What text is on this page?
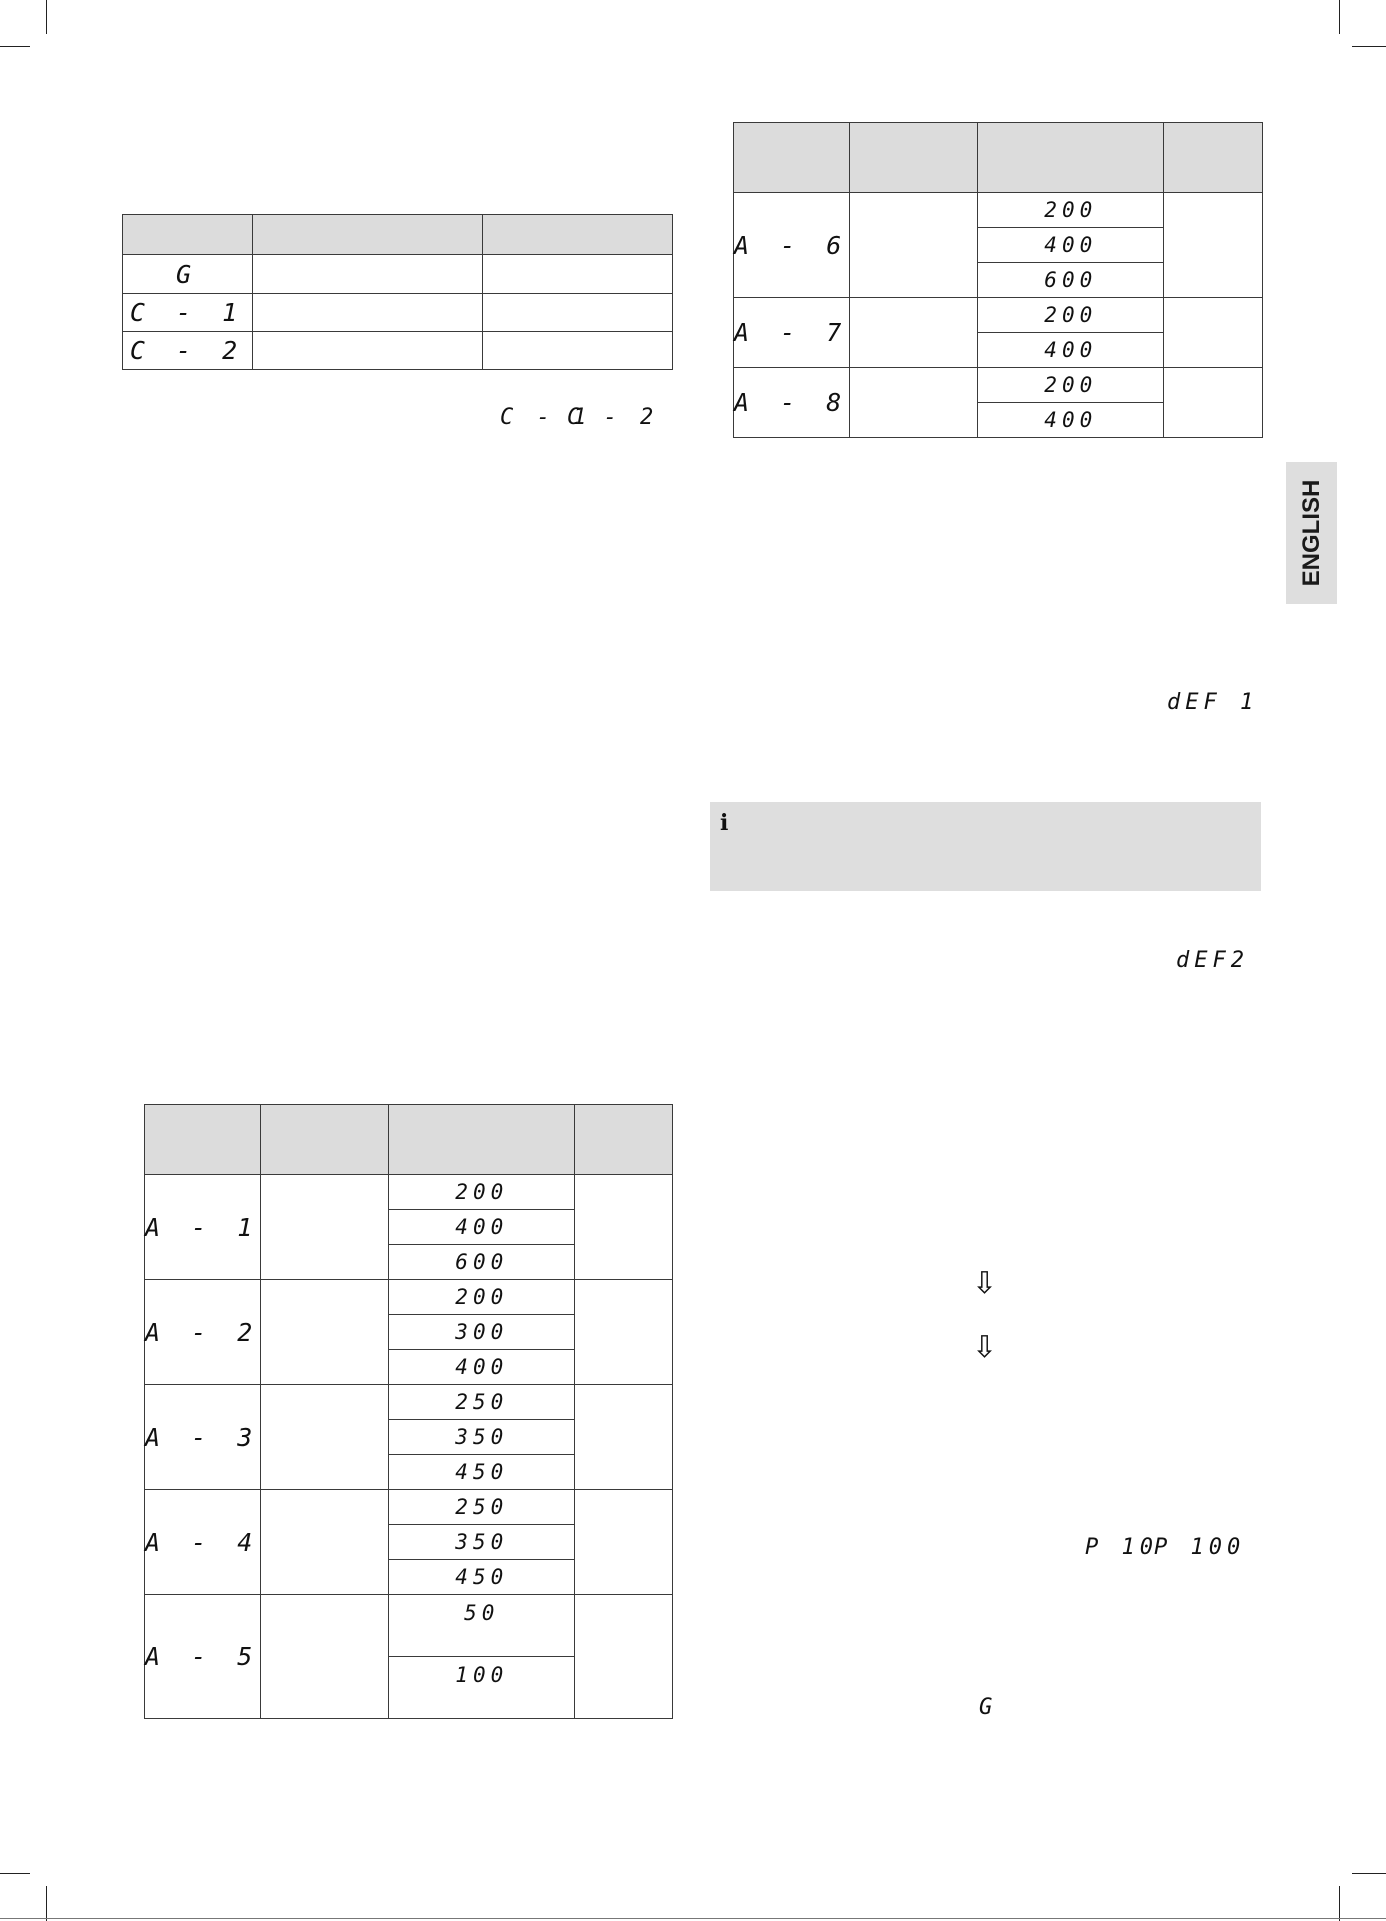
ENGLISH

G		
C - 1		
C - 2		
C - 1
C - 2

A - 6		200	
		400	
		600	
A - 7		200	
		400	
A - 8		200	
		400	
dEF 1
i
dEF2

A - 1		200	
		400	
		600	
A - 2		200	
		300	
		400	
A - 3		250	
		350	
		450	
A - 4		250	
		350	
		450	
A - 5		50	
		100	
⇩
⇩
P 10
P 100
G
